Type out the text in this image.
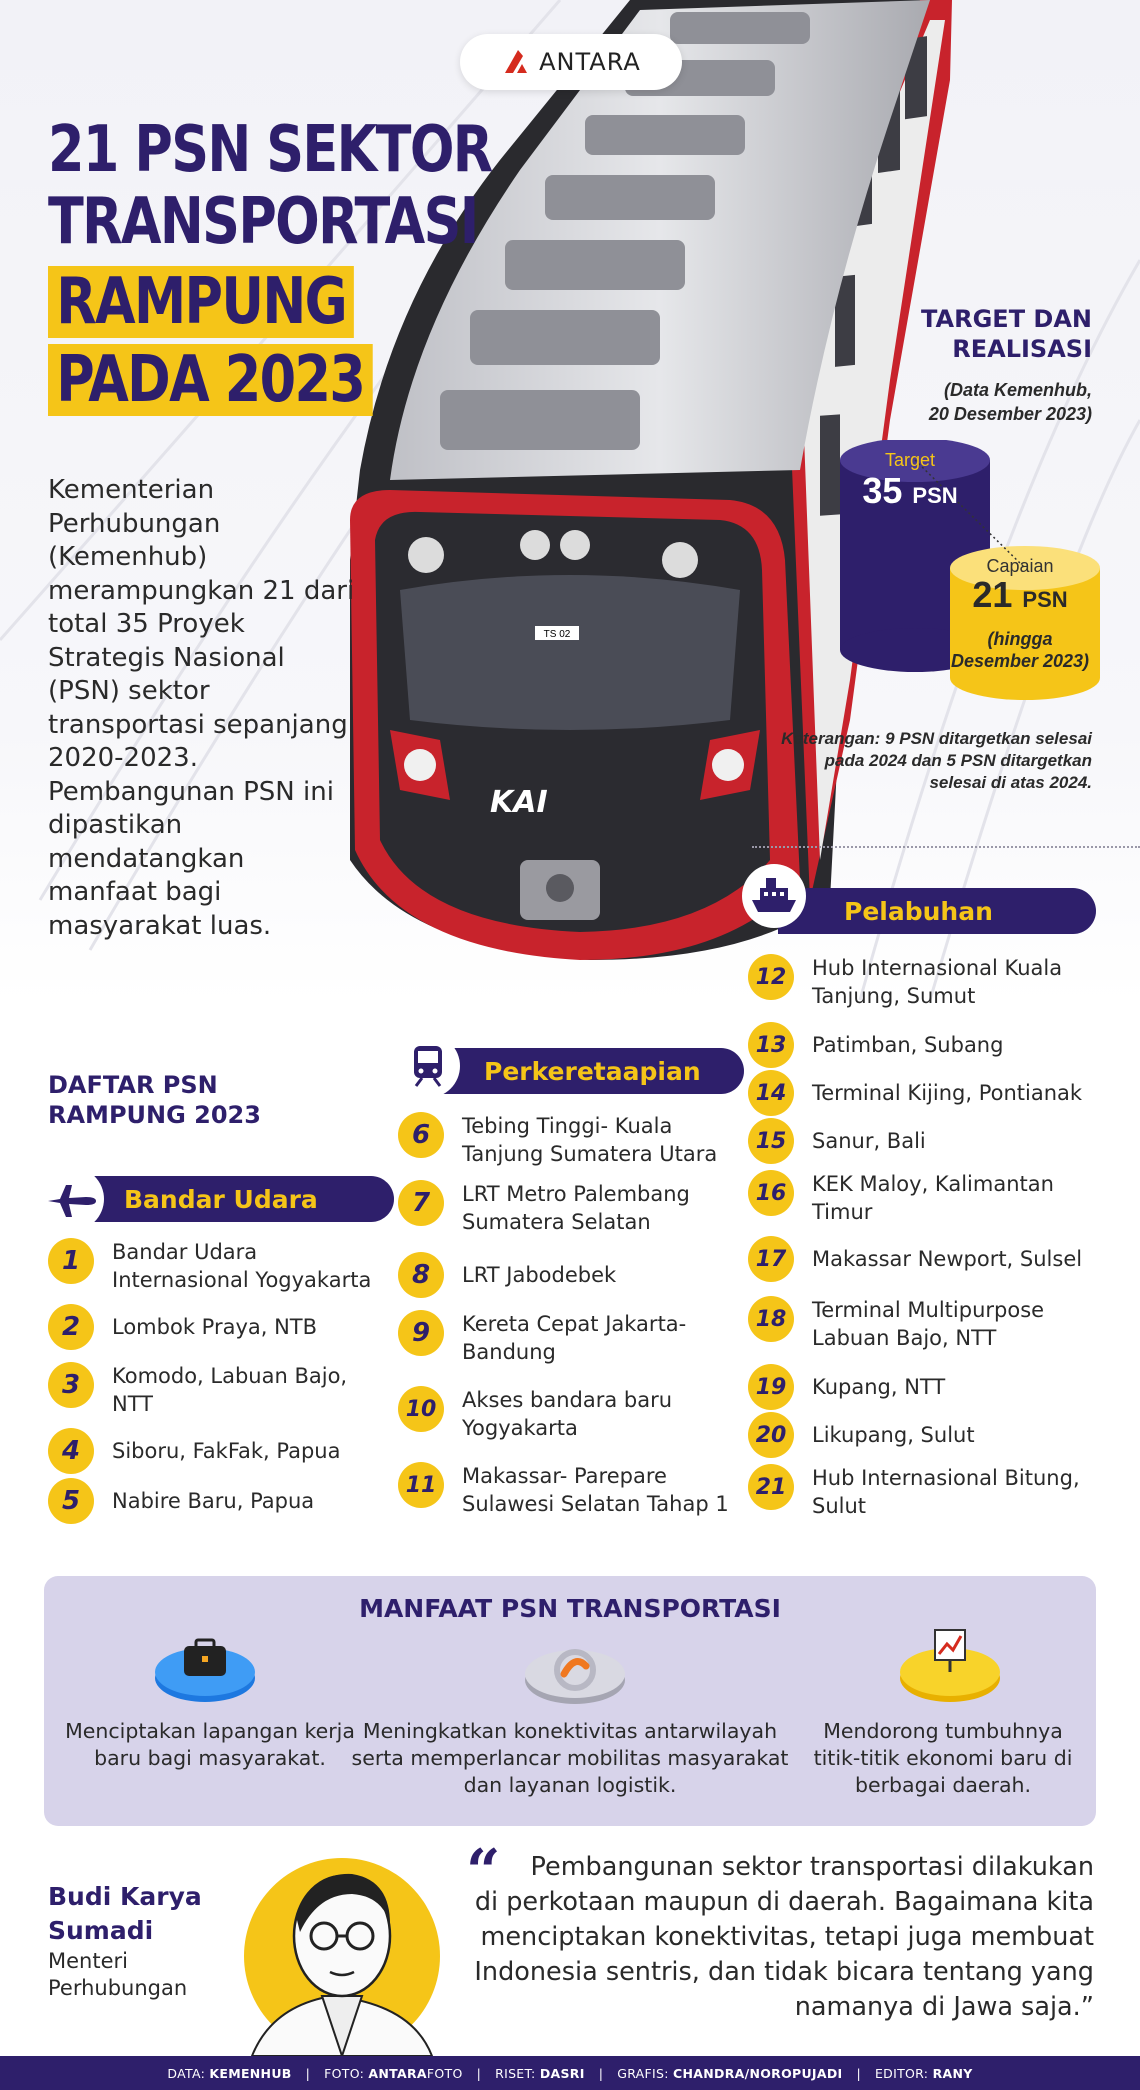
TS 02
KAI
ANTARA
21 PSN SEKTOR
TRANSPORTASI
RAMPUNG
PADA 2023
Kementerian Perhubungan (Kemenhub) merampungkan 21 dari total 35 Proyek Strategis Nasional (PSN) sektor transportasi sepanjang 2020-2023. Pembangunan PSN ini dipastikan mendatangkan manfaat bagi masyarakat luas.
TARGET DAN
REALISASI
(Data Kemenhub,
20 Desember 2023)
Target
35 PSN
Capaian
21 PSN
(hingga Desember 2023)
Keterangan: 9 PSN ditargetkan selesai pada 2024 dan 5 PSN ditargetkan selesai di atas 2024.
DAFTAR PSN
RAMPUNG 2023
Bandar Udara
Perkeretaapian
Pelabuhan
1	Bandar Udara Internasional Yogyakarta
2	Lombok Praya, NTB
3	Komodo, Labuan Bajo, NTT
4	Siboru, FakFak, Papua
5	Nabire Baru, Papua
6	Tebing Tinggi- Kuala Tanjung Sumatera Utara
7	LRT Metro Palembang Sumatera Selatan
8	LRT Jabodebek
9	Kereta Cepat Jakarta-Bandung
10	Akses bandara baru Yogyakarta
11	Makassar- Parepare Sulawesi Selatan Tahap 1
12	Hub Internasional Kuala Tanjung, Sumut
13	Patimban, Subang
14	Terminal Kijing, Pontianak
15	Sanur, Bali
16	KEK Maloy, Kalimantan Timur
17	Makassar Newport, Sulsel
18	Terminal Multipurpose Labuan Bajo, NTT
19	Kupang, NTT
20	Likupang, Sulut
21	Hub Internasional Bitung, Sulut
MANFAAT PSN TRANSPORTASI
Menciptakan lapangan kerja baru bagi masyarakat.
Meningkatkan konektivitas antarwilayah serta memperlancar mobilitas masyarakat dan layanan logistik.
Mendorong tumbuhnya titik-titik ekonomi baru di berbagai daerah.
Budi Karya
Sumadi
Menteri
Perhubungan
“	Pembangunan sektor transportasi dilakukan di perkotaan maupun di daerah. Bagaimana kita menciptakan konektivitas, tetapi juga membuat Indonesia sentris, dan tidak bicara tentang yang namanya di Jawa saja.”
DATA:
KEMENHUB | FOTO:
ANTARA FOTO | RISET:
DASRI | GRAFIS:
CHANDRA/NOROPUJADI | EDITOR:
RANY
